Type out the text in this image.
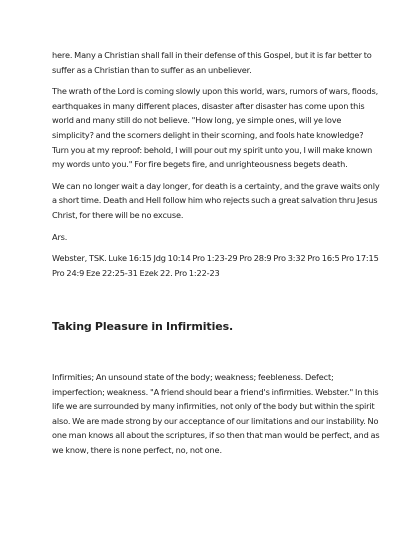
here. Many a Christian shall fall in their defense of this Gospel, but it is far better to suffer as a Christian than to suffer as an unbeliever.

The wrath of the Lord is coming slowly upon this world, wars, rumors of wars, floods, earthquakes in many different places, disaster after disaster has come upon this world and many still do not believe. "How long, ye simple ones, will ye love simplicity? and the scorners delight in their scorning, and fools hate knowledge? Turn you at my reproof: behold, I will pour out my spirit unto you, I will make known my words unto you." For fire begets fire, and unrighteousness begets death.

We can no longer wait a day longer, for death is a certainty, and the grave waits only a short time. Death and Hell follow him who rejects such a great salvation thru Jesus Christ, for there will be no excuse.

Ars.

Webster, TSK. Luke 16:15 Jdg 10:14 Pro 1:23-29 Pro 28:9 Pro 3:32 Pro 16:5 Pro 17:15 Pro 24:9 Eze 22:25-31 Ezek 22. Pro 1:22-23

Taking Pleasure in Infirmities.

Infirmities; An unsound state of the body; weakness; feebleness. Defect; imperfection; weakness. "A friend should bear a friend's infirmities. Webster." In this life we are surrounded by many infirmities, not only of the body but within the spirit also. We are made strong by our acceptance of our limitations and our instability. No one man knows all about the scriptures, if so then that man would be perfect, and as we know, there is none perfect, no, not one.
